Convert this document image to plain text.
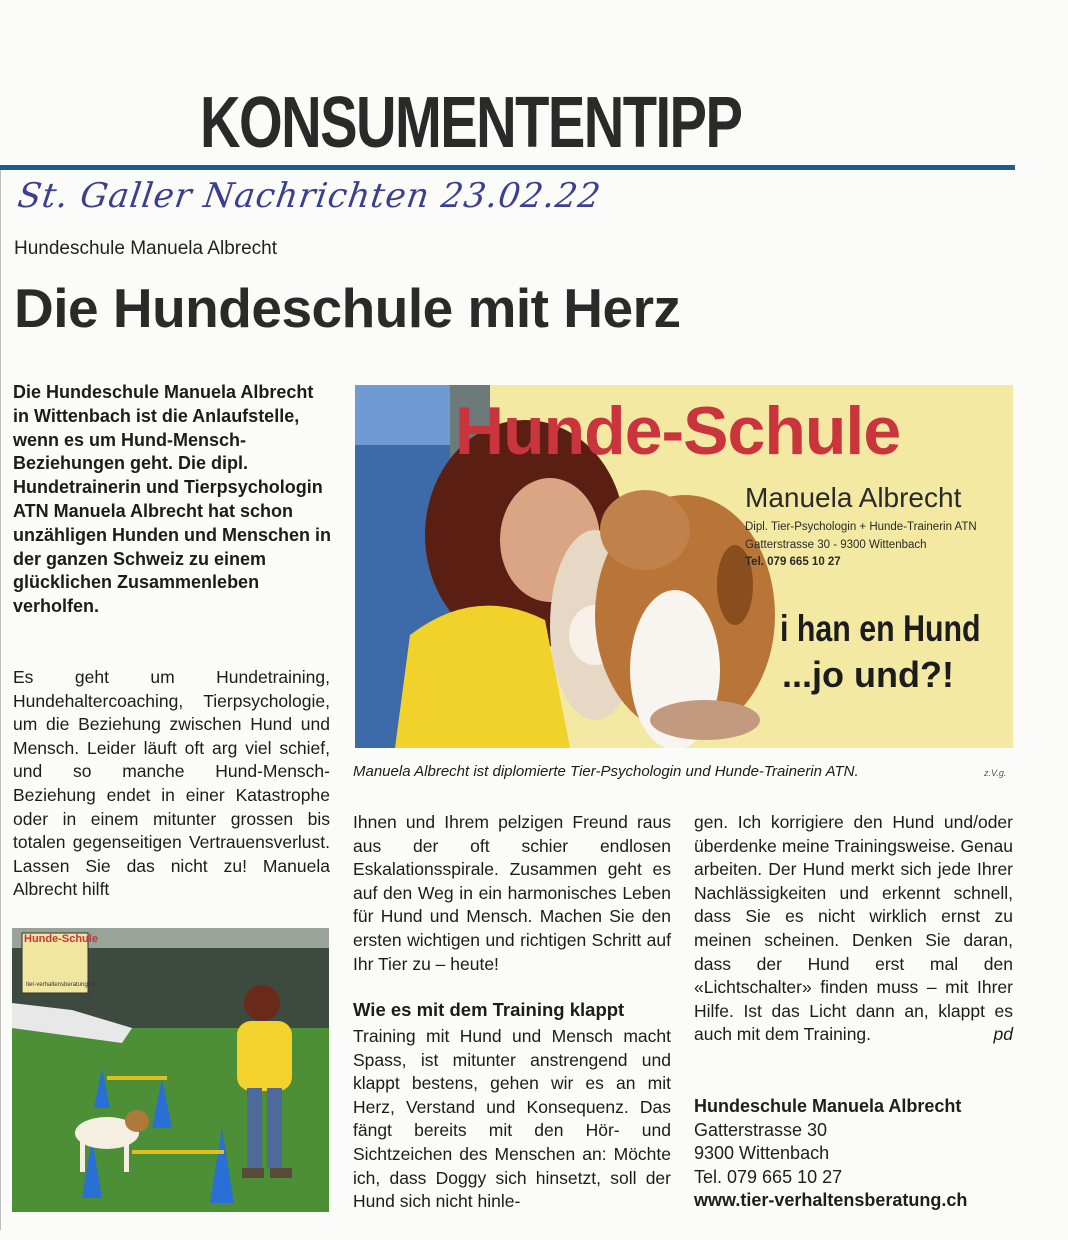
KONSUMENTENTIPP
St. Galler Nachrichten 23.02.22
Hundeschule Manuela Albrecht
Die Hundeschule mit Herz
Die Hundeschule Manuela Albrecht in Wittenbach ist die Anlaufstelle, wenn es um Hund-Mensch-Beziehungen geht. Die dipl. Hundetrainerin und Tierpsychologin ATN Manuela Albrecht hat schon unzähligen Hunden und Menschen in der ganzen Schweiz zu einem glücklichen Zusammenleben verholfen.
Es geht um Hundetraining, Hundehaltercoaching, Tierpsychologie, um die Beziehung zwischen Hund und Mensch. Leider läuft oft arg viel schief, und so manche Hund-Mensch-Beziehung endet in einer Katastrophe oder in einem mitunter grossen bis totalen gegenseitigen Vertrauensverlust. Lassen Sie das nicht zu! Manuela Albrecht hilft
Hunde-Schule
tier-verhaltensberatung.ch
Hunde-Schule
Manuela Albrecht
Dipl. Tier-Psychologin + Hunde-Trainerin ATN
Gatterstrasse 30 - 9300 Wittenbach
Tel. 079 665 10 27
i han en Hund
...jo und?!
Manuela Albrecht ist diplomierte Tier-Psychologin und Hunde-Trainerin ATN.	z.V.g.
Ihnen und Ihrem pelzigen Freund raus aus der oft schier endlosen Eskalationsspirale. Zusammen geht es auf den Weg in ein harmonisches Leben für Hund und Mensch. Machen Sie den ersten wichtigen und richtigen Schritt auf Ihr Tier zu – heute!
Wie es mit dem Training klappt
Training mit Hund und Mensch macht Spass, ist mitunter anstrengend und klappt bestens, gehen wir es an mit Herz, Verstand und Konsequenz. Das fängt bereits mit den Hör- und Sichtzeichen des Menschen an: Möchte ich, dass Doggy sich hinsetzt, soll der Hund sich nicht hinle-
gen. Ich korrigiere den Hund und/oder überdenke meine Trainingsweise. Genau arbeiten. Der Hund merkt sich jede Ihrer Nachlässigkeiten und erkennt schnell, dass Sie es nicht wirklich ernst zu meinen scheinen. Denken Sie daran, dass der Hund erst mal den «Lichtschalter» finden muss – mit Ihrer Hilfe. Ist das Licht dann an, klappt es auch mit dem Training.	pd
Hundeschule Manuela Albrecht
Gatterstrasse 30
9300 Wittenbach
Tel. 079 665 10 27
www.tier-verhaltensberatung.ch
